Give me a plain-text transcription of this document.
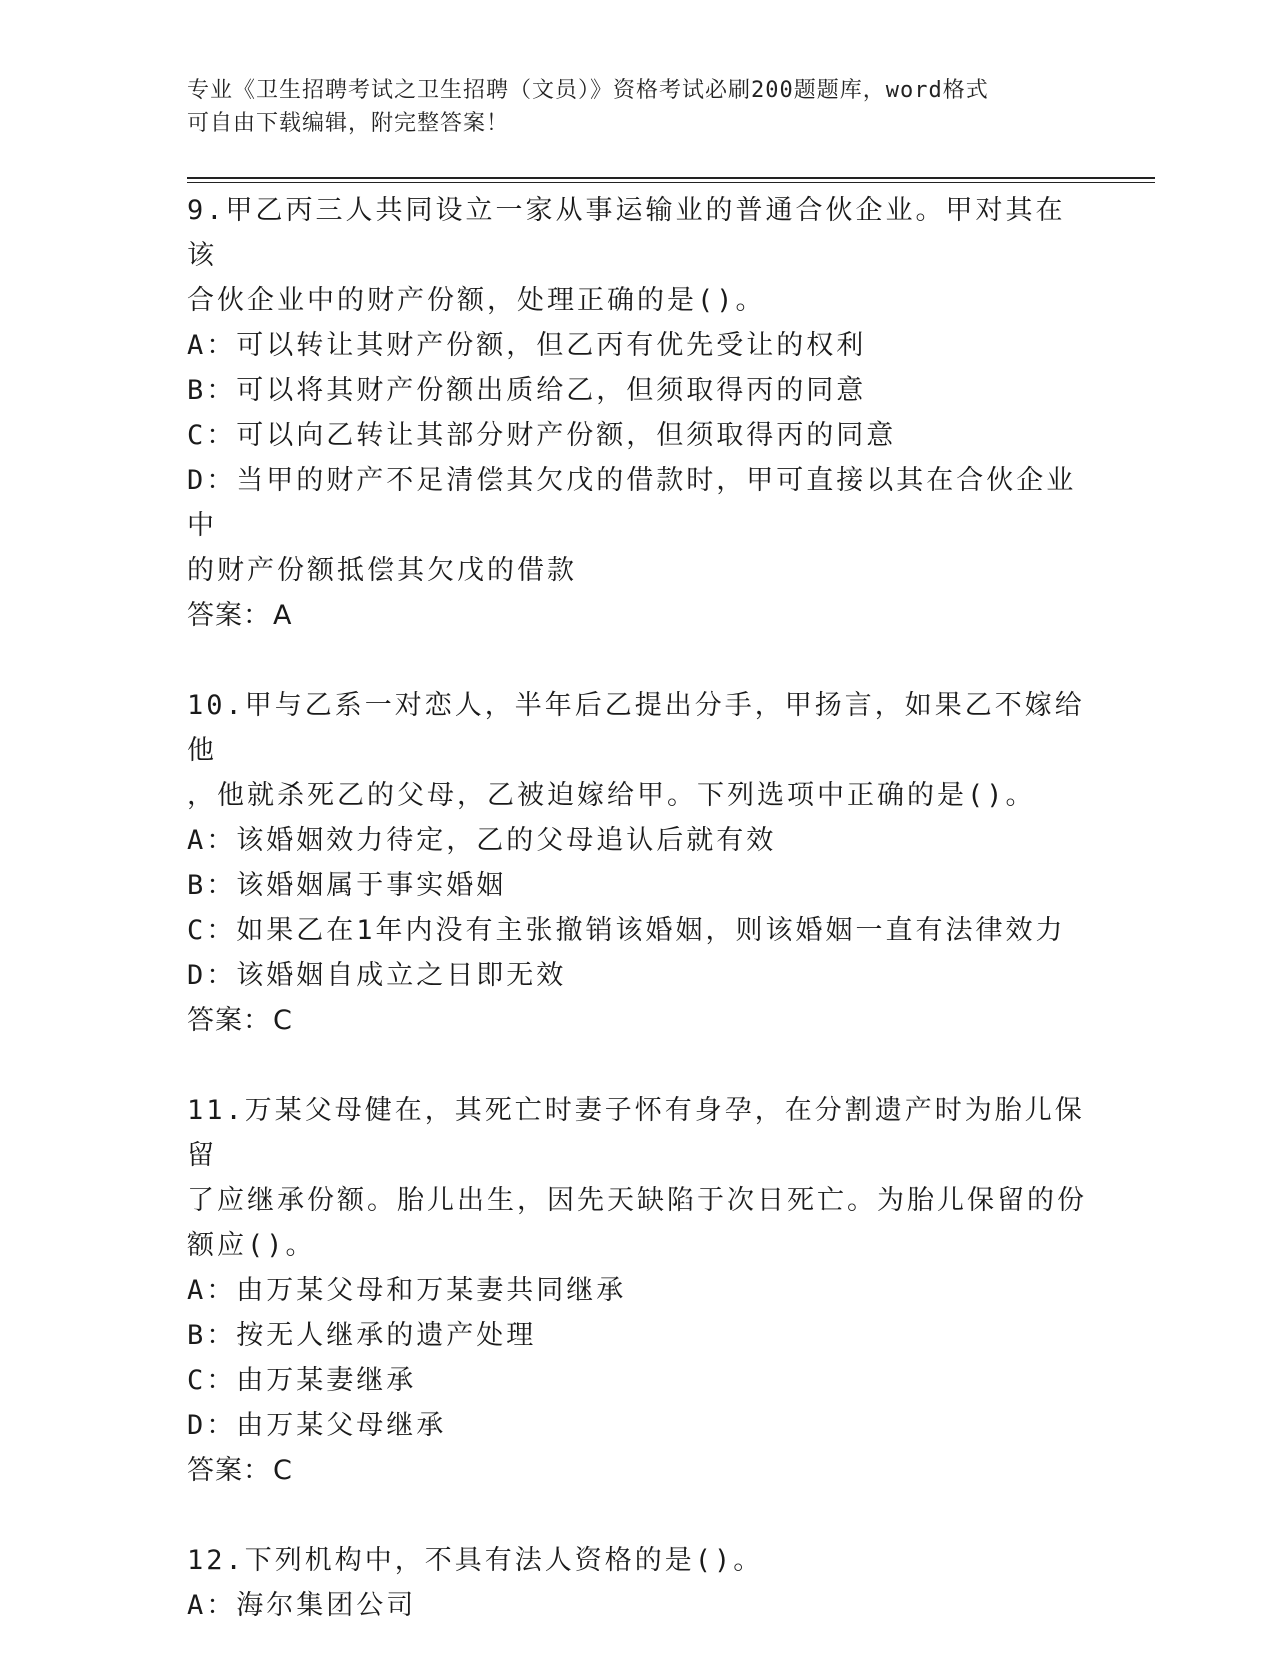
专业《卫生招聘考试之卫生招聘（文员）》资格考试必刷200题题库，word格式
可自由下载编辑，附完整答案！
9.甲乙丙三人共同设立一家从事运输业的普通合伙企业。甲对其在该
合伙企业中的财产份额，处理正确的是()。
A：可以转让其财产份额，但乙丙有优先受让的权利
B：可以将其财产份额出质给乙，但须取得丙的同意
C：可以向乙转让其部分财产份额，但须取得丙的同意
D：当甲的财产不足清偿其欠戊的借款时，甲可直接以其在合伙企业中
的财产份额抵偿其欠戊的借款
答案：A
10.甲与乙系一对恋人，半年后乙提出分手，甲扬言，如果乙不嫁给他
，他就杀死乙的父母，乙被迫嫁给甲。下列选项中正确的是()。
A：该婚姻效力待定，乙的父母追认后就有效
B：该婚姻属于事实婚姻
C：如果乙在1年内没有主张撤销该婚姻，则该婚姻一直有法律效力
D：该婚姻自成立之日即无效
答案：C
11.万某父母健在，其死亡时妻子怀有身孕，在分割遗产时为胎儿保留
了应继承份额。胎儿出生，因先天缺陷于次日死亡。为胎儿保留的份
额应()。
A：由万某父母和万某妻共同继承
B：按无人继承的遗产处理
C：由万某妻继承
D：由万某父母继承
答案：C
12.下列机构中，不具有法人资格的是()。
A：海尔集团公司
